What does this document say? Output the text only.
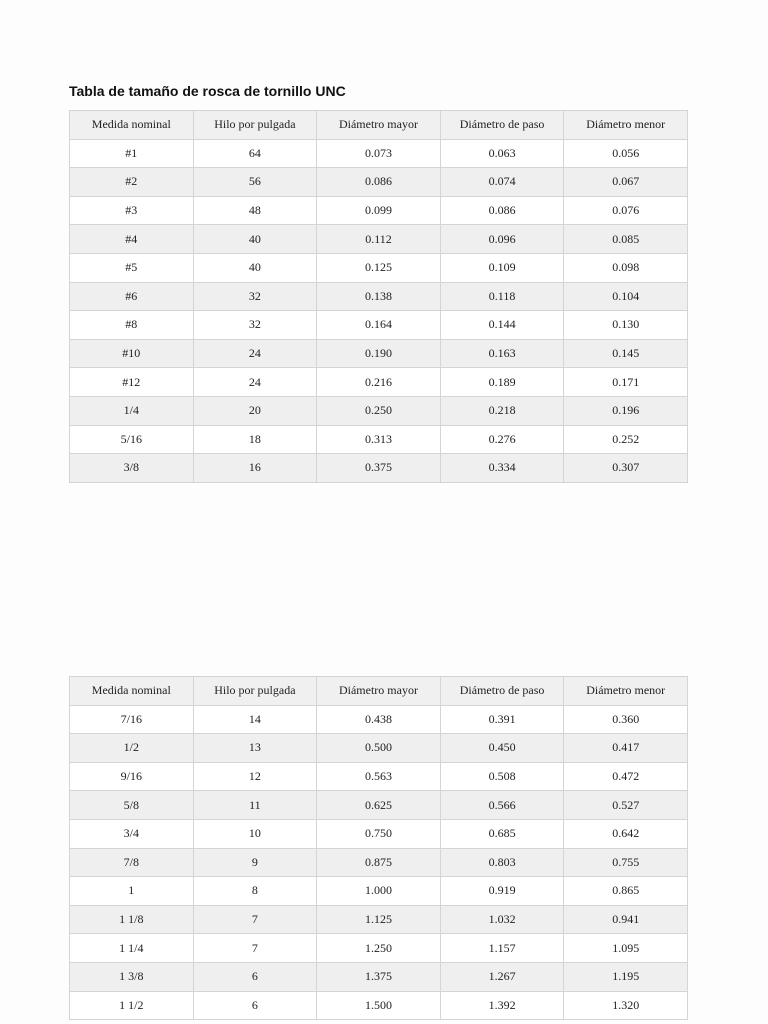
Tabla de tamaño de rosca de tornillo UNC
Medida nominal	Hilo por pulgada	Diámetro mayor	Diámetro de paso	Diámetro menor
#1	64	0.073	0.063	0.056
#2	56	0.086	0.074	0.067
#3	48	0.099	0.086	0.076
#4	40	0.112	0.096	0.085
#5	40	0.125	0.109	0.098
#6	32	0.138	0.118	0.104
#8	32	0.164	0.144	0.130
#10	24	0.190	0.163	0.145
#12	24	0.216	0.189	0.171
1/4	20	0.250	0.218	0.196
5/16	18	0.313	0.276	0.252
3/8	16	0.375	0.334	0.307
Medida nominal	Hilo por pulgada	Diámetro mayor	Diámetro de paso	Diámetro menor
7/16	14	0.438	0.391	0.360
1/2	13	0.500	0.450	0.417
9/16	12	0.563	0.508	0.472
5/8	11	0.625	0.566	0.527
3/4	10	0.750	0.685	0.642
7/8	9	0.875	0.803	0.755
1	8	1.000	0.919	0.865
1 1/8	7	1.125	1.032	0.941
1 1/4	7	1.250	1.157	1.095
1 3/8	6	1.375	1.267	1.195
1 1/2	6	1.500	1.392	1.320
